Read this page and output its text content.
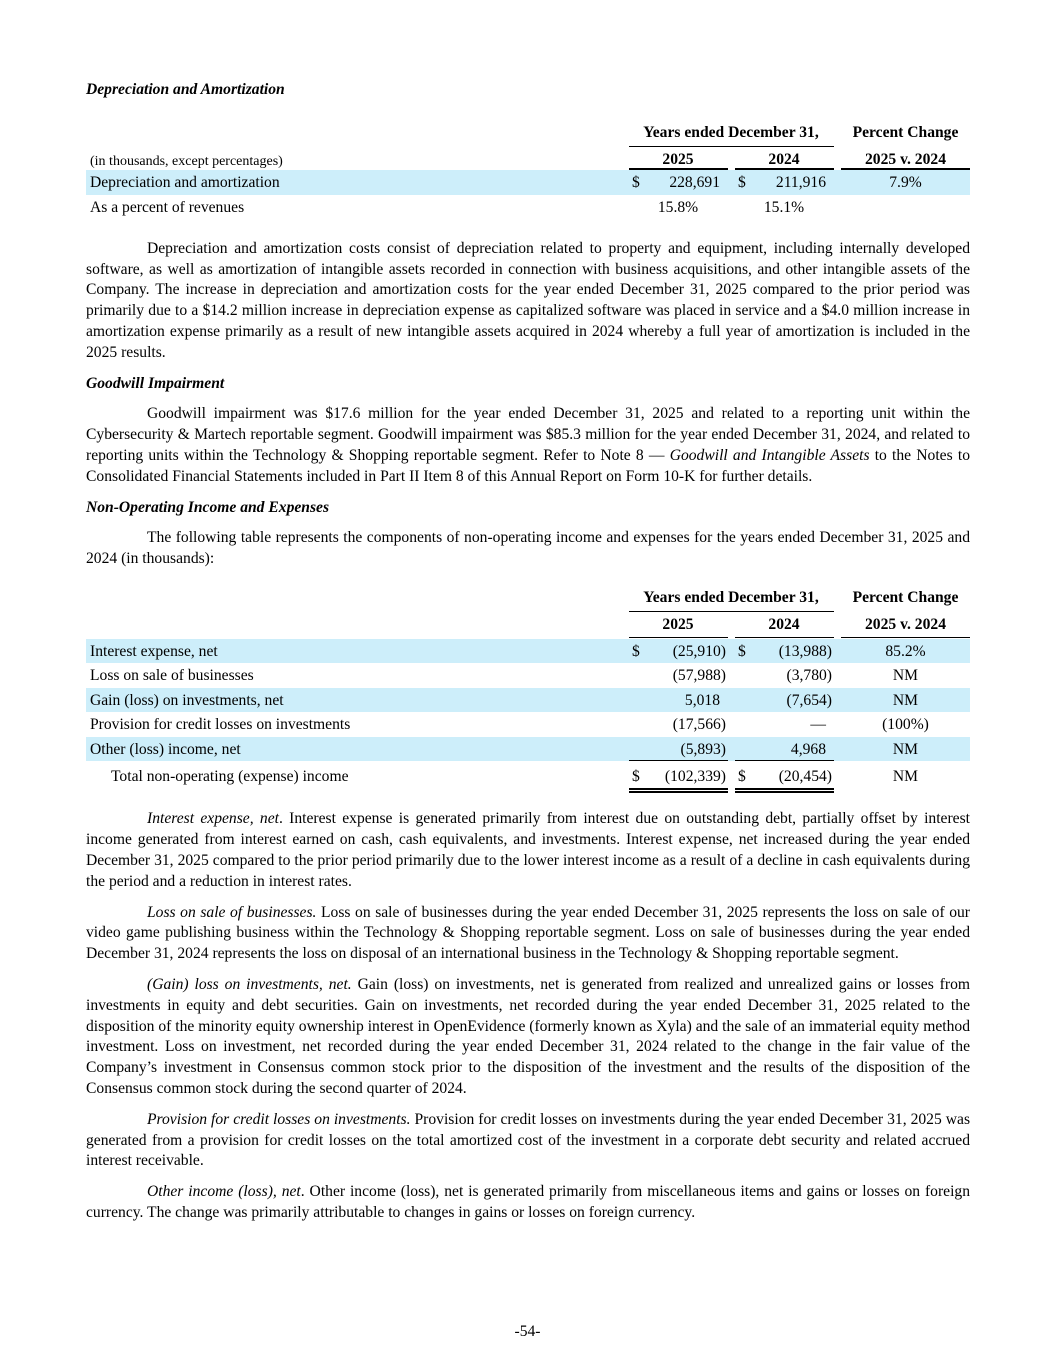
Depreciation and Amortization
Years ended December 31,	Percent Change
(in thousands, except percentages)	2025	2024	2025 v. 2024
Depreciation and amortization	$	228,691 $	211,916	7.9%
As a percent of revenues	15.8%	15.1%

Depreciation and amortization costs consist of depreciation related to property and equipment, including internally developed software, as well as amortization of intangible assets recorded in connection with business acquisitions, and other intangible assets of the Company. The increase in depreciation and amortization costs for the year ended December 31, 2025 compared to the prior period was primarily due to a $14.2 million increase in depreciation expense as capitalized software was placed in service and a $4.0 million increase in amortization expense primarily as a result of new intangible assets acquired in 2024 whereby a full year of amortization is included in the 2025 results.

Goodwill Impairment

Goodwill impairment was $17.6 million for the year ended December 31, 2025 and related to a reporting unit within the Cybersecurity & Martech reportable segment. Goodwill impairment was $85.3 million for the year ended December 31, 2024, and related to reporting units within the Technology & Shopping reportable segment. Refer to Note 8 — Goodwill and Intangible Assets to the Notes to Consolidated Financial Statements included in Part II Item 8 of this Annual Report on Form 10-K for further details.

Non-Operating Income and Expenses

The following table represents the components of non-operating income and expenses for the years ended December 31, 2025 and 2024 (in thousands):

Years ended December 31,	Percent Change
2025	2024	2025 v. 2024
Interest expense, net	$	(25,910) $	(13,988)	85.2%
Loss on sale of businesses	(57,988)	(3,780)	NM
Gain (loss) on investments, net	5,018	(7,654)	NM
Provision for credit losses on investments	(17,566)	—	(100%)
Other (loss) income, net	(5,893)	4,968	NM
Total non-operating (expense) income	$	(102,339) $	(20,454)	NM

Interest expense, net. Interest expense is generated primarily from interest due on outstanding debt, partially offset by interest income generated from interest earned on cash, cash equivalents, and investments. Interest expense, net increased during the year ended December 31, 2025 compared to the prior period primarily due to the lower interest income as a result of a decline in cash equivalents during the period and a reduction in interest rates.

Loss on sale of businesses. Loss on sale of businesses during the year ended December 31, 2025 represents the loss on sale of our video game publishing business within the Technology & Shopping reportable segment. Loss on sale of businesses during the year ended December 31, 2024 represents the loss on disposal of an international business in the Technology & Shopping reportable segment.

(Gain) loss on investments, net. Gain (loss) on investments, net is generated from realized and unrealized gains or losses from investments in equity and debt securities. Gain on investments, net recorded during the year ended December 31, 2025 related to the disposition of the minority equity ownership interest in OpenEvidence (formerly known as Xyla) and the sale of an immaterial equity method investment. Loss on investment, net recorded during the year ended December 31, 2024 related to the change in the fair value of the Company’s investment in Consensus common stock prior to the disposition of the investment and the results of the disposition of the Consensus common stock during the second quarter of 2024.

Provision for credit losses on investments. Provision for credit losses on investments during the year ended December 31, 2025 was generated from a provision for credit losses on the total amortized cost of the investment in a corporate debt security and related accrued interest receivable.

Other income (loss), net. Other income (loss), net is generated primarily from miscellaneous items and gains or losses on foreign currency. The change was primarily attributable to changes in gains or losses on foreign currency.

-54-
